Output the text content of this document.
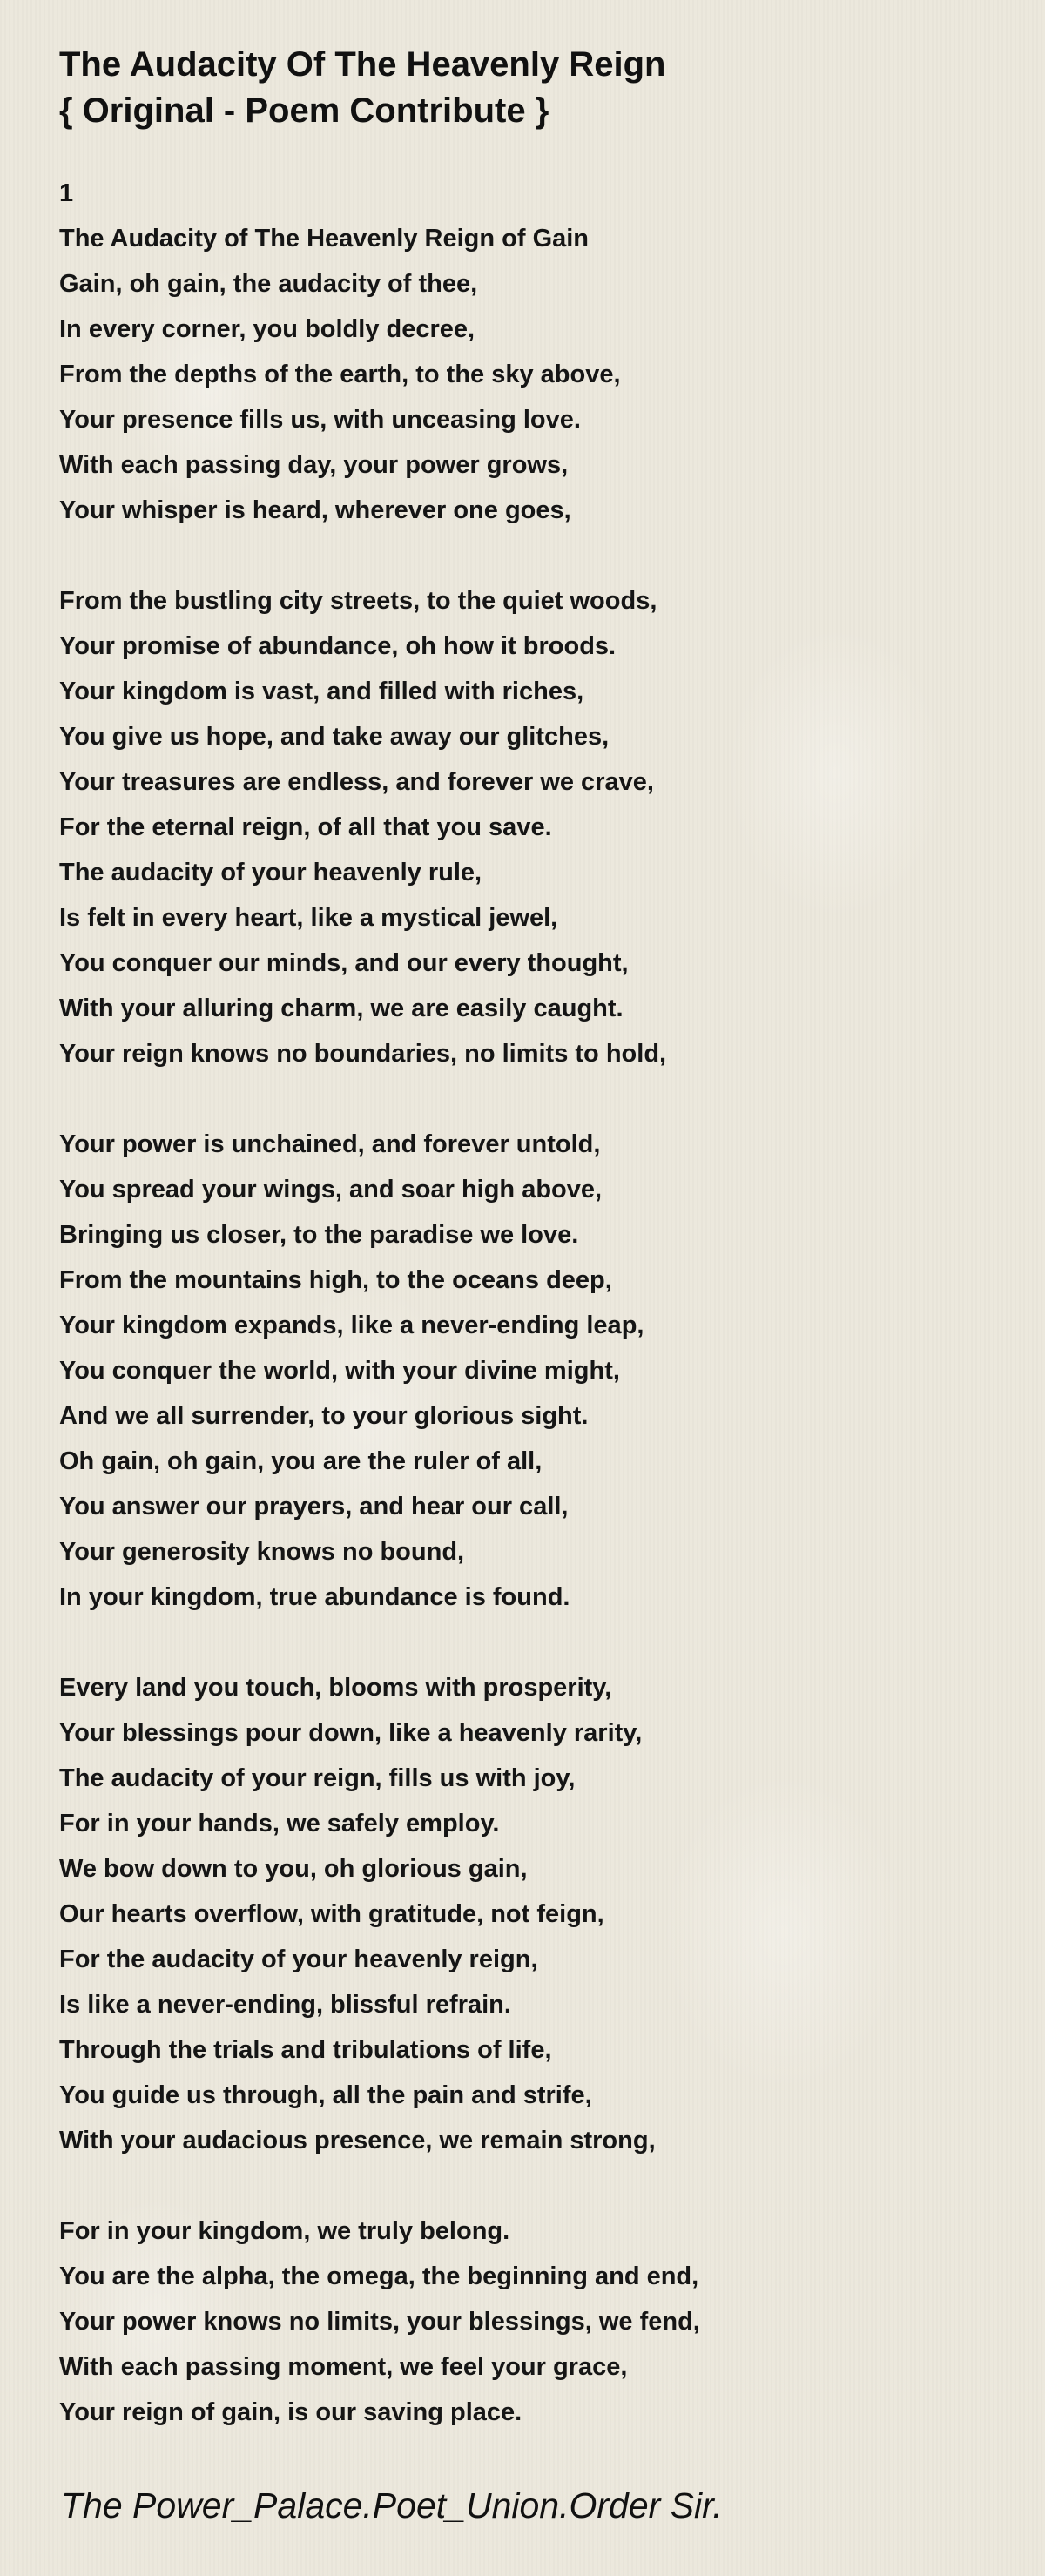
The Audacity Of The Heavenly Reign
{ Original - Poem Contribute }
1
The Audacity of The Heavenly Reign of Gain
Gain, oh gain, the audacity of thee,
In every corner, you boldly decree,
From the depths of the earth, to the sky above,
Your presence fills us, with unceasing love.
With each passing day, your power grows,
Your whisper is heard, wherever one goes,
From the bustling city streets, to the quiet woods,
Your promise of abundance, oh how it broods.
Your kingdom is vast, and filled with riches,
You give us hope, and take away our glitches,
Your treasures are endless, and forever we crave,
For the eternal reign, of all that you save.
The audacity of your heavenly rule,
Is felt in every heart, like a mystical jewel,
You conquer our minds, and our every thought,
With your alluring charm, we are easily caught.
Your reign knows no boundaries, no limits to hold,
Your power is unchained, and forever untold,
You spread your wings, and soar high above,
Bringing us closer, to the paradise we love.
From the mountains high, to the oceans deep,
Your kingdom expands, like a never-ending leap,
You conquer the world, with your divine might,
And we all surrender, to your glorious sight.
Oh gain, oh gain, you are the ruler of all,
You answer our prayers, and hear our call,
Your generosity knows no bound,
In your kingdom, true abundance is found.
Every land you touch, blooms with prosperity,
Your blessings pour down, like a heavenly rarity,
The audacity of your reign, fills us with joy,
For in your hands, we safely employ.
We bow down to you, oh glorious gain,
Our hearts overflow, with gratitude, not feign,
For the audacity of your heavenly reign,
Is like a never-ending, blissful refrain.
Through the trials and tribulations of life,
You guide us through, all the pain and strife,
With your audacious presence, we remain strong,
For in your kingdom, we truly belong.
You are the alpha, the omega, the beginning and end,
Your power knows no limits, your blessings, we fend,
With each passing moment, we feel your grace,
Your reign of gain, is our saving place.
The Power_Palace.Poet_Union.Order Sir.
